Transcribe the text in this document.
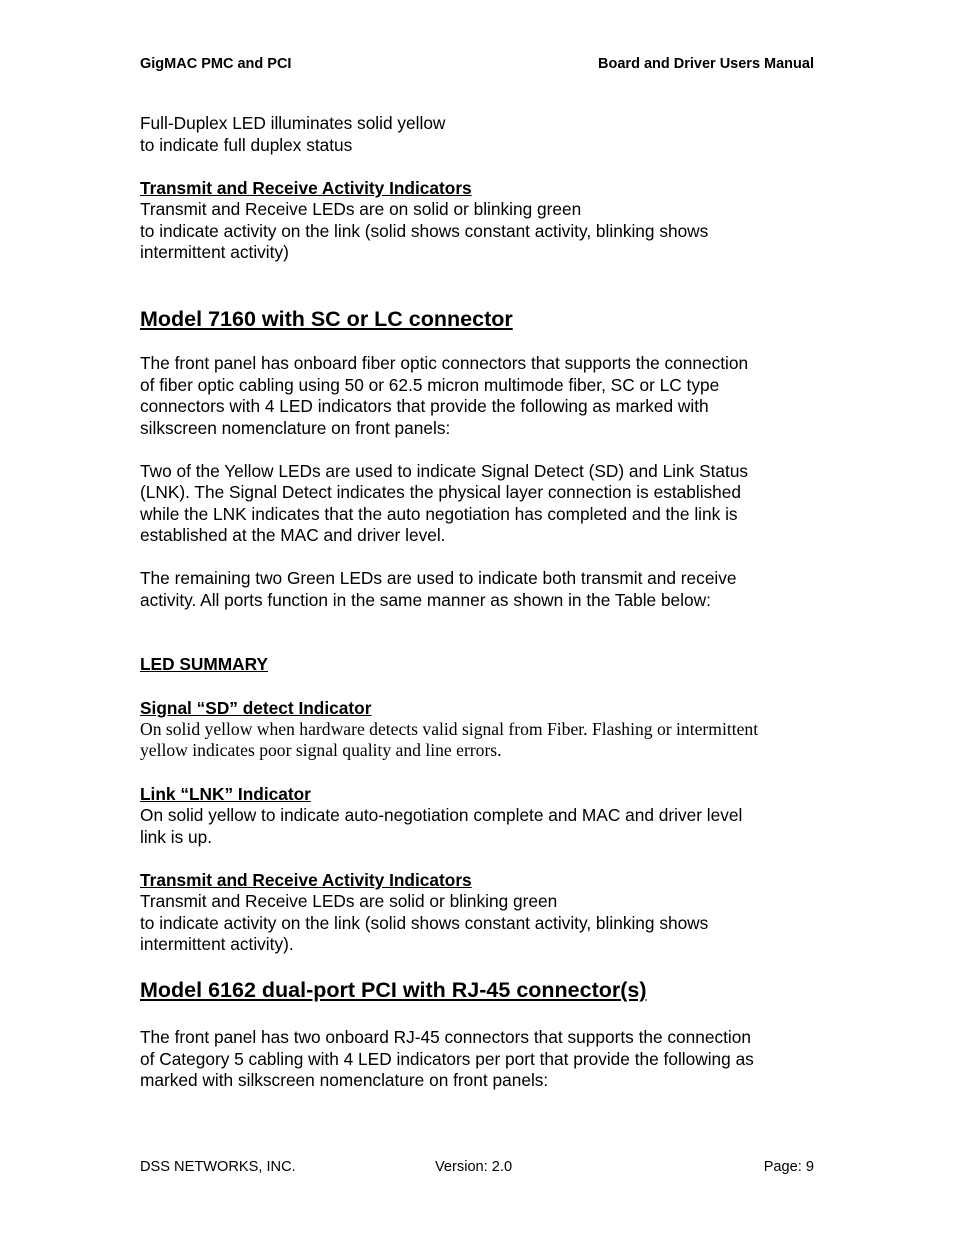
GigMAC PMC and PCI	Board and Driver Users Manual

Full-Duplex LED illuminates solid yellow

to indicate full duplex status

Transmit and Receive Activity Indicators

Transmit and Receive LEDs are on solid or blinking green

to indicate activity on the link (solid shows constant activity, blinking shows

intermittent activity)

Model 7160 with SC or LC connector

The front panel has onboard fiber optic connectors that supports the connection

of fiber optic cabling using 50 or 62.5 micron multimode fiber, SC or LC type

connectors with 4 LED indicators that provide the following as marked with

silkscreen nomenclature on front panels:

Two of the Yellow LEDs are used to indicate Signal Detect (SD) and Link Status

(LNK). The Signal Detect indicates the physical layer connection is established

while the LNK indicates that the auto negotiation has completed and the link is

established at the MAC and driver level.

The remaining two Green LEDs are used to indicate both transmit and receive

activity. All ports function in the same manner as shown in the Table below:

LED SUMMARY

Signal “SD” detect Indicator

On solid yellow when hardware detects valid signal from Fiber. Flashing or intermittent

yellow indicates poor signal quality and line errors.

Link “LNK” Indicator

On solid yellow to indicate auto-negotiation complete and MAC and driver level

link is up.

Transmit and Receive Activity Indicators

Transmit and Receive LEDs are solid or blinking green

to indicate activity on the link (solid shows constant activity, blinking shows

intermittent activity).

Model 6162 dual-port PCI with RJ-45 connector(s)

The front panel has two onboard RJ-45 connectors that supports the connection

of Category 5 cabling with 4 LED indicators per port that provide the following as

marked with silkscreen nomenclature on front panels:

DSS NETWORKS, INC.	Version: 2.0	Page: 9
